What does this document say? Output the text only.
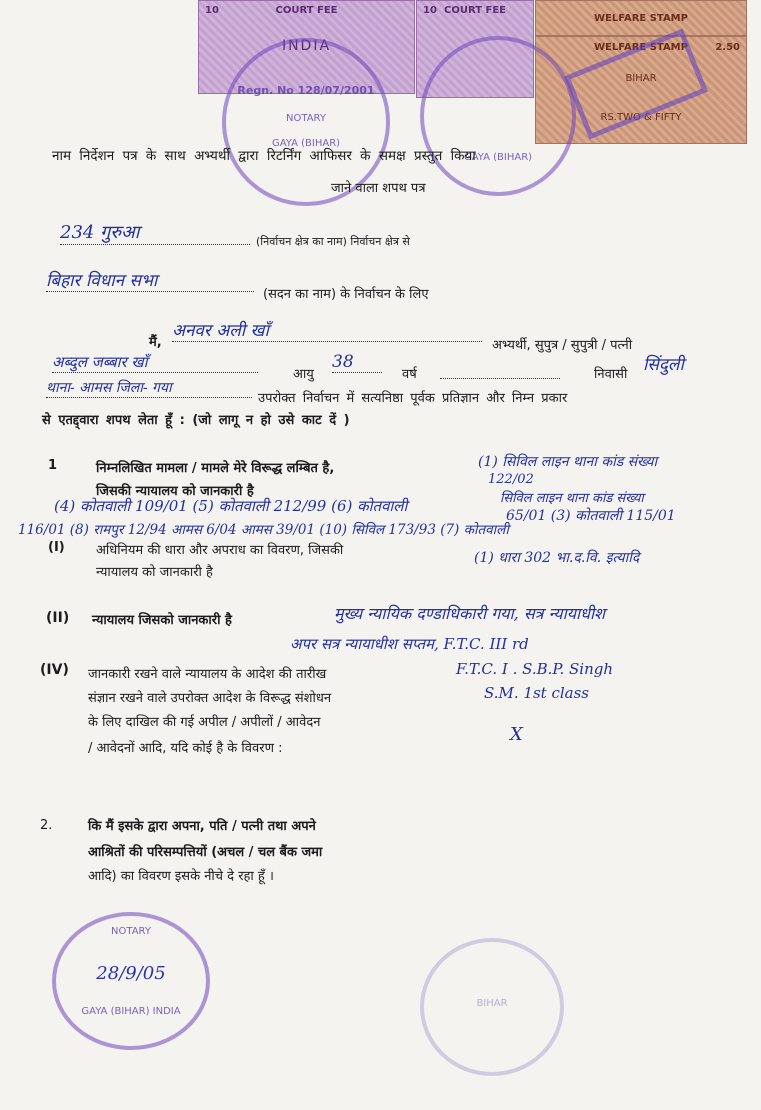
COURT FEE
INDIA
10	COURT FEE
10
WELFARE STAMP
WELFARE STAMP	2.50
BIHAR
RS.TWO & FIFTY
Regn. No 128/07/2001
NOTARY
GAYA (BIHAR)
GAYA (BIHAR)
नाम निर्देशन पत्र के साथ अभ्यर्थी द्वारा रिटर्निंग आफिसर के समक्ष प्रस्तुत किया
जाने वाला शपथ पत्र
234 गुरुआ	(निर्वाचन क्षेत्र का नाम) निर्वाचन क्षेत्र से
बिहार विधान सभा
(सदन का नाम) के निर्वाचन के लिए
मैं,
अनवर अली खाँ
अभ्यर्थी, सुपुत्र / सुपुत्री / पत्नी
अब्दुल जब्बार खाँ
आयु
38
वर्ष	निवासी सिंदुली
थाना- आमस जिला- गया
उपरोक्त निर्वाचन में सत्यनिष्ठा पूर्वक प्रतिज्ञान और निम्न प्रकार
से एतद्द्वारा शपथ लेता हूँ : (जो लागू न हो उसे काट दें )
1	निम्नलिखित मामला / मामले मेरे विरूद्ध लम्बित है,
जिसकी न्यायालय को जानकारी है
(1) सिविल लाइन थाना कांड संख्या
122/02
सिविल लाइन थाना कांड संख्या
65/01 (3) कोतवाली 115/01
(4) कोतवाली 109/01 (5) कोतवाली 212/99 (6) कोतवाली
116/01 (8) रामपुर 12/94 आमस 6/04 आमस 39/01 (10) सिविल 173/93 (7) कोतवाली
(I) अधिनियम की धारा और अपराध का विवरण, जिसकी
न्यायालय को जानकारी है
(1) धारा 302 भा.द.वि. इत्यादि
(II) न्यायालय जिसको जानकारी है	मुख्य न्यायिक दण्डाधिकारी गया, सत्र न्यायाधीश
अपर सत्र न्यायाधीश सप्तम, F.T.C. III rd
(IV) जानकारी रखने वाले न्यायालय के आदेश की तारीख
संज्ञान रखने वाले उपरोक्त आदेश के विरूद्ध संशोधन
के लिए दाखिल की गई अपील / अपीलों / आवेदन
/ आवेदनों आदि, यदि कोई है के विवरण :
F.T.C. I . S.B.P. Singh
S.M. 1st class
X
2.	कि मैं इसके द्वारा अपना, पति / पत्नी तथा अपने
आश्रितों की परिसम्पत्तियों (अचल / चल बैंक जमा
आदि) का विवरण इसके नीचे दे रहा हूँ ।
NOTARY
28/9/05
GAYA (BIHAR) INDIA
BIHAR
